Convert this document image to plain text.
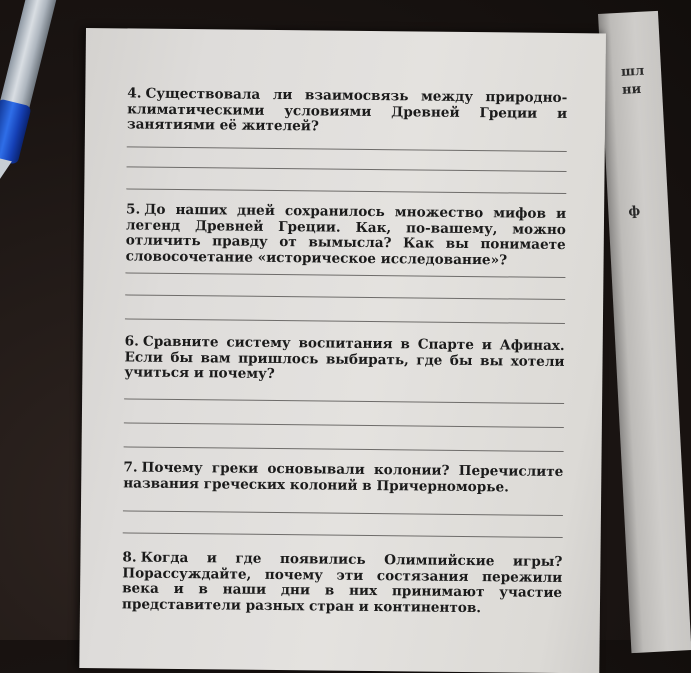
шл
ни
ф
4. Существовала ли взаимосвязь между природно-климатическими условиями Древней Греции и занятиями её жителей?
5. До наших дней сохранилось множество мифов и легенд Древней Греции. Как, по-вашему, можно отличить правду от вымысла? Как вы понимаете словосочетание «историческое исследование»?
6. Сравните систему воспитания в Спарте и Афинах. Если бы вам пришлось выбирать, где бы вы хотели учиться и почему?
7. Почему греки основывали колонии? Перечислите названия греческих колоний в Причерноморье.
8. Когда и где появились Олимпийские игры? Порассуждайте, почему эти состязания пережили века и в наши дни в них принимают участие представители разных стран и континентов.
